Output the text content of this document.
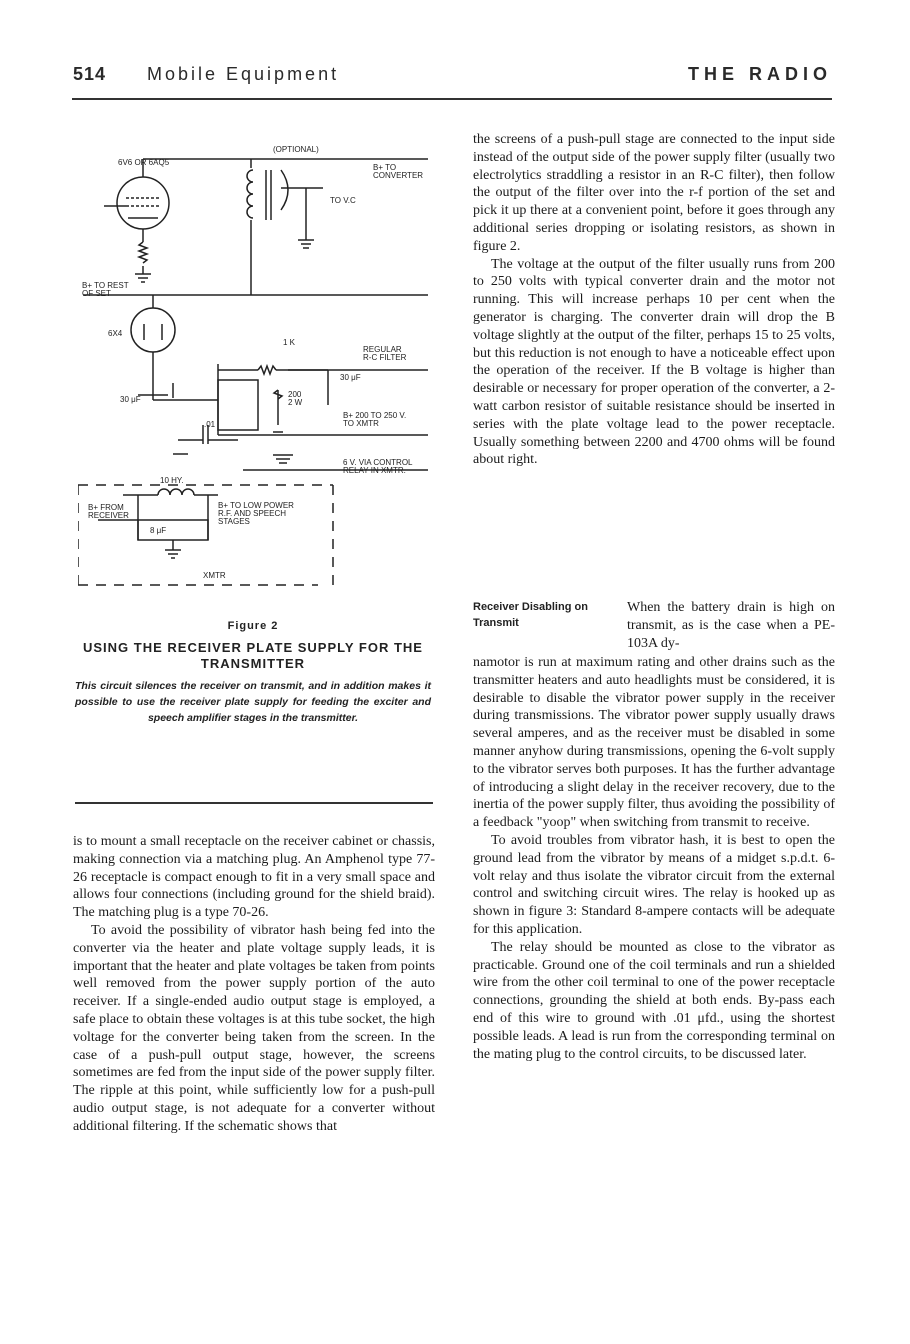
514 Mobile Equipment	THE RADIO
(OPTIONAL)
6V6 OR 6AQ5
B+ TO
CONVERTER
TO V.C
B+ TO REST
OF SET
6X4
1 K
REGULAR
R-C FILTER
30 μF
30 μF
200
2 W
.01
B+ 200 TO 250 V.
TO XMTR
6 V. VIA CONTROL
RELAY IN XMTR.
10 HY.
B+ FROM
RECEIVER
8 μF
B+ TO LOW POWER
R.F. AND SPEECH
STAGES
XMTR
Figure 2
USING THE RECEIVER PLATE SUPPLY FOR THE TRANSMITTER
This circuit silences the receiver on transmit, and in addition makes it possible to use the receiver plate supply for feeding the exciter and speech amplifier stages in the transmitter.

is to mount a small receptacle on the receiver cabinet or chassis, making connection via a matching plug. An Amphenol type 77-26 receptacle is compact enough to fit in a very small space and allows four connections (including ground for the shield braid). The matching plug is a type 70-26.

To avoid the possibility of vibrator hash being fed into the converter via the heater and plate voltage supply leads, it is important that the heater and plate voltages be taken from points well removed from the power supply portion of the auto receiver. If a single-ended audio output stage is employed, a safe place to obtain these voltages is at this tube socket, the high voltage for the converter being taken from the screen. In the case of a push-pull output stage, however, the screens sometimes are fed from the input side of the power supply filter. The ripple at this point, while sufficiently low for a push-pull audio output stage, is not adequate for a converter without additional filtering. If the schematic shows that

the screens of a push-pull stage are connected to the input side instead of the output side of the power supply filter (usually two electrolytics straddling a resistor in an R-C filter), then follow the output of the filter over into the r-f portion of the set and pick it up there at a convenient point, before it goes through any additional series dropping or isolating resistors, as shown in figure 2.

The voltage at the output of the filter usually runs from 200 to 250 volts with typical converter drain and the motor not running. This will increase perhaps 10 per cent when the generator is charging. The converter drain will drop the B voltage slightly at the output of the filter, perhaps 15 to 25 volts, but this reduction is not enough to have a noticeable effect upon the operation of the receiver. If the B voltage is higher than desirable or necessary for proper operation of the converter, a 2-watt carbon resistor of suitable resistance should be inserted in series with the plate voltage lead to the power receptacle. Usually something between 2200 and 4700 ohms will be found about right.

Receiver Disabling on Transmit
When the battery drain is high on transmit, as is the case when a PE-103A dy-

namotor is run at maximum rating and other drains such as the transmitter heaters and auto headlights must be considered, it is desirable to disable the vibrator power supply in the receiver during transmissions. The vibrator power supply usually draws several amperes, and as the receiver must be disabled in some manner anyhow during transmissions, opening the 6-volt supply to the vibrator serves both purposes. It has the further advantage of introducing a slight delay in the receiver recovery, due to the inertia of the power supply filter, thus avoiding the possibility of a feedback "yoop" when switching from transmit to receive.

To avoid troubles from vibrator hash, it is best to open the ground lead from the vibrator by means of a midget s.p.d.t. 6-volt relay and thus isolate the vibrator circuit from the external control and switching circuit wires. The relay is hooked up as shown in figure 3: Standard 8-ampere contacts will be adequate for this application.

The relay should be mounted as close to the vibrator as practicable. Ground one of the coil terminals and run a shielded wire from the other coil terminal to one of the power receptacle connections, grounding the shield at both ends. By-pass each end of this wire to ground with .01 μfd., using the shortest possible leads. A lead is run from the corresponding terminal on the mating plug to the control circuits, to be discussed later.
